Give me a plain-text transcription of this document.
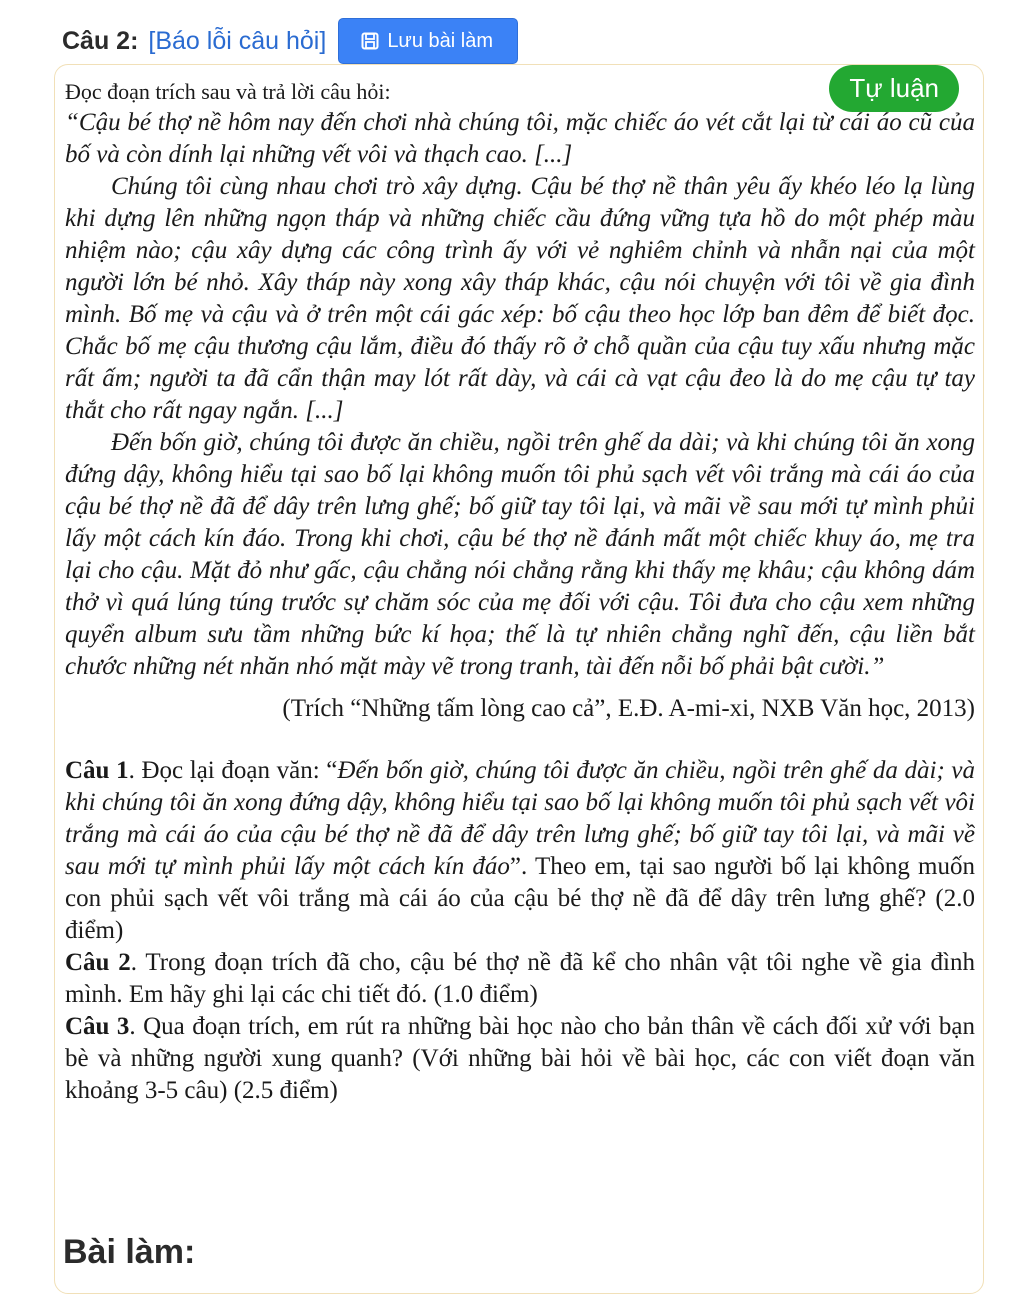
Câu 2: [Báo lỗi câu hỏi]	Lưu bài làm
Tự luận

Đọc đoạn trích sau và trả lời câu hỏi:

“Cậu bé thợ nề hôm nay đến chơi nhà chúng tôi, mặc chiếc áo vét cắt lại từ cái áo cũ của bố và còn dính lại những vết vôi và thạch cao. [...]

Chúng tôi cùng nhau chơi trò xây dựng. Cậu bé thợ nề thân yêu ấy khéo léo lạ lùng khi dựng lên những ngọn tháp và những chiếc cầu đứng vững tựa hồ do một phép màu nhiệm nào; cậu xây dựng các công trình ấy với vẻ nghiêm chỉnh và nhẫn nại của một người lớn bé nhỏ. Xây tháp này xong xây tháp khác, cậu nói chuyện với tôi về gia đình mình. Bố mẹ và cậu và ở trên một cái gác xép: bố cậu theo học lớp ban đêm để biết đọc. Chắc bố mẹ cậu thương cậu lắm, điều đó thấy rõ ở chỗ quần của cậu tuy xấu nhưng mặc rất ấm; người ta đã cẩn thận may lót rất dày, và cái cà vạt cậu đeo là do mẹ cậu tự tay thắt cho rất ngay ngắn. [...]

Đến bốn giờ, chúng tôi được ăn chiều, ngồi trên ghế da dài; và khi chúng tôi ăn xong đứng dậy, không hiểu tại sao bố lại không muốn tôi phủ sạch vết vôi trắng mà cái áo của cậu bé thợ nề đã để dây trên lưng ghế; bố giữ tay tôi lại, và mãi về sau mới tự mình phủi lấy một cách kín đáo. Trong khi chơi, cậu bé thợ nề đánh mất một chiếc khuy áo, mẹ tra lại cho cậu. Mặt đỏ như gấc, cậu chẳng nói chẳng rằng khi thấy mẹ khâu; cậu không dám thở vì quá lúng túng trước sự chăm sóc của mẹ đối với cậu. Tôi đưa cho cậu xem những quyển album sưu tầm những bức kí họa; thế là tự nhiên chẳng nghĩ đến, cậu liền bắt chước những nét nhăn nhó mặt mày vẽ trong tranh, tài đến nỗi bố phải bật cười.”

(Trích “Những tấm lòng cao cả”, E.Đ. A-mi-xi, NXB Văn học, 2013)

Câu 1. Đọc lại đoạn văn: “Đến bốn giờ, chúng tôi được ăn chiều, ngồi trên ghế da dài; và khi chúng tôi ăn xong đứng dậy, không hiểu tại sao bố lại không muốn tôi phủ sạch vết vôi trắng mà cái áo của cậu bé thợ nề đã để dây trên lưng ghế; bố giữ tay tôi lại, và mãi về sau mới tự mình phủi lấy một cách kín đáo”. Theo em, tại sao người bố lại không muốn con phủi sạch vết vôi trắng mà cái áo của cậu bé thợ nề đã để dây trên lưng ghế? (2.0 điểm)

Câu 2. Trong đoạn trích đã cho, cậu bé thợ nề đã kể cho nhân vật tôi nghe về gia đình mình. Em hãy ghi lại các chi tiết đó. (1.0 điểm)

Câu 3. Qua đoạn trích, em rút ra những bài học nào cho bản thân về cách đối xử với bạn bè và những người xung quanh? (Với những bài hỏi về bài học, các con viết đoạn văn khoảng 3-5 câu) (2.5 điểm)

Bài làm:
